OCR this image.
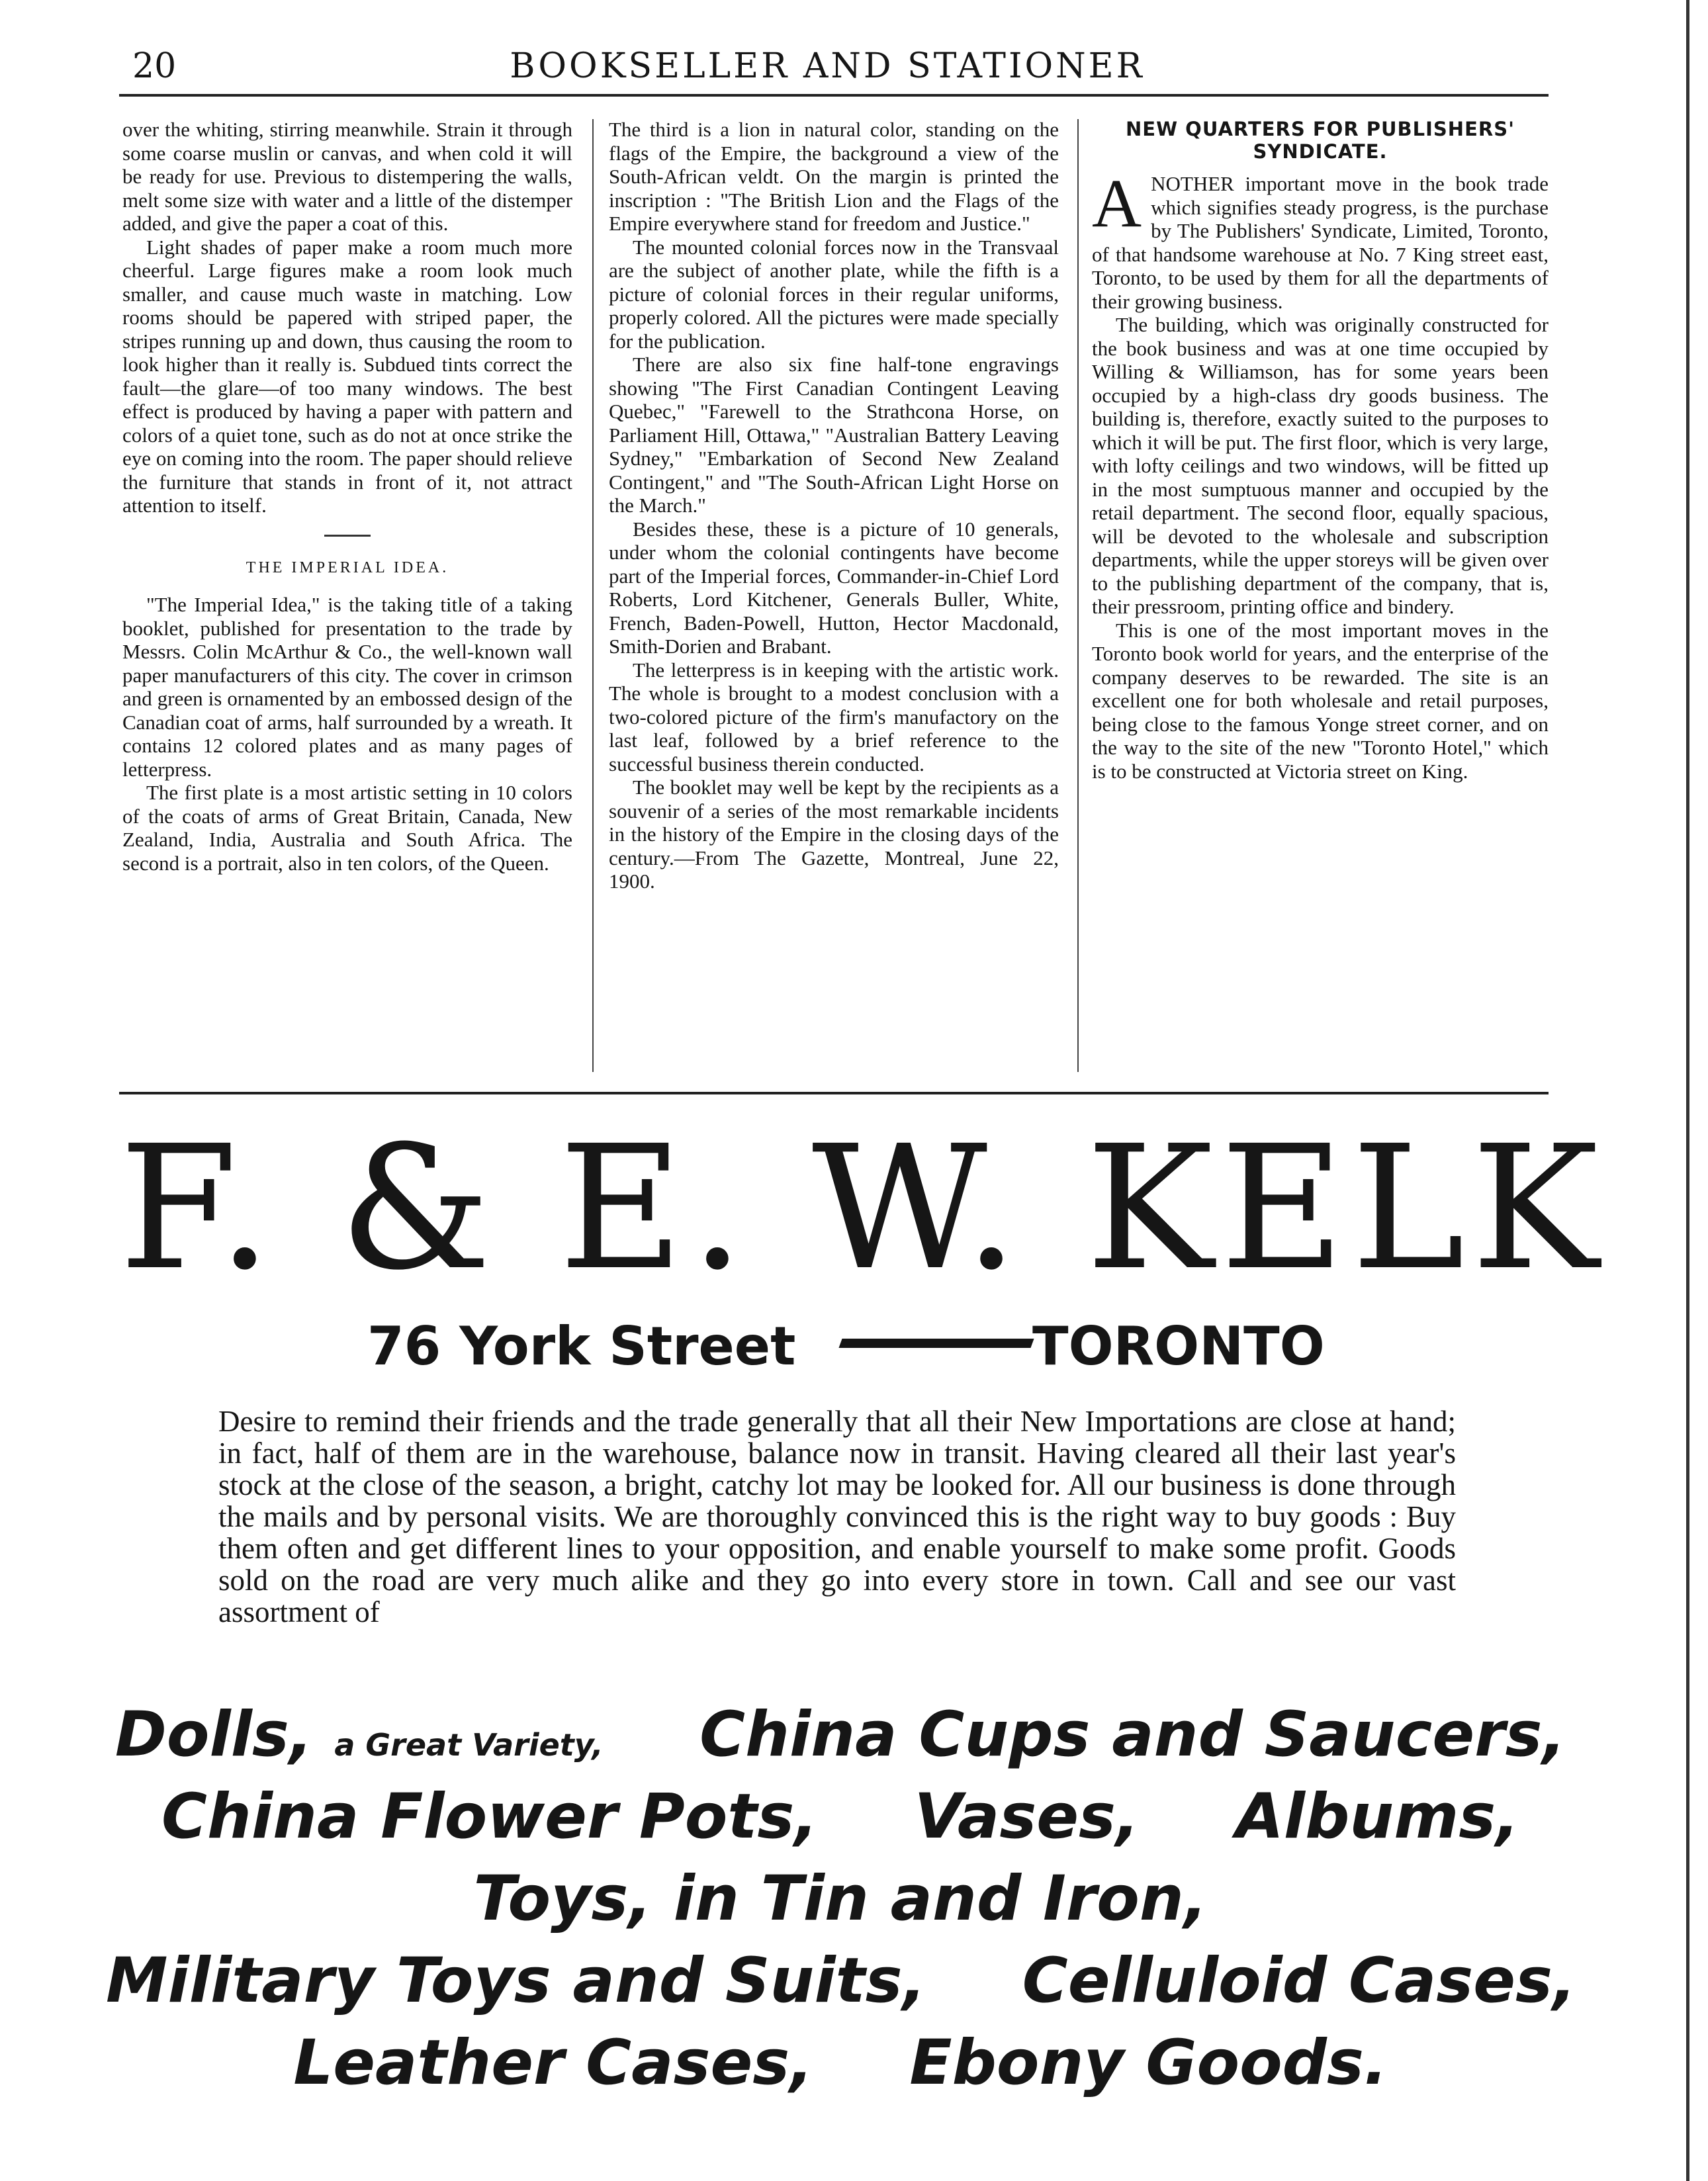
20	BOOKSELLER AND STATIONER

over the whiting, stirring meanwhile. Strain it through some coarse muslin or canvas, and when cold it will be ready for use. Previous to distempering the walls, melt some size with water and a little of the distemper added, and give the paper a coat of this.

Light shades of paper make a room much more cheerful. Large figures make a room look much smaller, and cause much waste in matching. Low rooms should be papered with striped paper, the stripes running up and down, thus causing the room to look higher than it really is. Subdued tints correct the fault—the glare—of too many windows. The best effect is produced by having a paper with pattern and colors of a quiet tone, such as do not at once strike the eye on coming into the room. The paper should relieve the furniture that stands in front of it, not attract attention to itself.

THE IMPERIAL IDEA.

"The Imperial Idea," is the taking title of a taking booklet, published for presentation to the trade by Messrs. Colin McArthur & Co., the well-known wall paper manufacturers of this city. The cover in crimson and green is ornamented by an embossed design of the Canadian coat of arms, half surrounded by a wreath. It contains 12 colored plates and as many pages of letterpress.

The first plate is a most artistic setting in 10 colors of the coats of arms of Great Britain, Canada, New Zealand, India, Australia and South Africa. The second is a portrait, also in ten colors, of the Queen.

The third is a lion in natural color, standing on the flags of the Empire, the background a view of the South-African veldt. On the margin is printed the inscription : "The British Lion and the Flags of the Empire everywhere stand for freedom and Justice."

The mounted colonial forces now in the Transvaal are the subject of another plate, while the fifth is a picture of colonial forces in their regular uniforms, properly colored. All the pictures were made specially for the publication.

There are also six fine half-tone engravings showing "The First Canadian Contingent Leaving Quebec," "Farewell to the Strathcona Horse, on Parliament Hill, Ottawa," "Australian Battery Leaving Sydney," "Embarkation of Second New Zealand Contingent," and "The South-African Light Horse on the March."

Besides these, these is a picture of 10 generals, under whom the colonial contingents have become part of the Imperial forces, Commander-in-Chief Lord Roberts, Lord Kitchener, Generals Buller, White, French, Baden-Powell, Hutton, Hector Macdonald, Smith-Dorien and Brabant.

The letterpress is in keeping with the artistic work. The whole is brought to a modest conclusion with a two-colored picture of the firm's manufactory on the last leaf, followed by a brief reference to the successful business therein conducted.

The booklet may well be kept by the recipients as a souvenir of a series of the most remarkable incidents in the history of the Empire in the closing days of the century.—From The Gazette, Montreal, June 22, 1900.

NEW QUARTERS FOR PUBLISHERS' SYNDICATE.

ANOTHER important move in the book trade which signifies steady progress, is the purchase by The Publishers' Syndicate, Limited, Toronto, of that handsome warehouse at No. 7 King street east, Toronto, to be used by them for all the departments of their growing business.

The building, which was originally constructed for the book business and was at one time occupied by Willing & Williamson, has for some years been occupied by a high-class dry goods business. The building is, therefore, exactly suited to the purposes to which it will be put. The first floor, which is very large, with lofty ceilings and two windows, will be fitted up in the most sumptuous manner and occupied by the retail department. The second floor, equally spacious, will be devoted to the wholesale and subscription departments, while the upper storeys will be given over to the publishing department of the company, that is, their pressroom, printing office and bindery.

This is one of the most important moves in the Toronto book world for years, and the enterprise of the company deserves to be rewarded. The site is an excellent one for both wholesale and retail purposes, being close to the famous Yonge street corner, and on the way to the site of the new "Toronto Hotel," which is to be constructed at Victoria street on King.

F. & E. W. KELK
76 York Street	TORONTO
Desire to remind their friends and the trade generally that all their New Importations are close at hand; in fact, half of them are in the warehouse, balance now in transit. Having cleared all their last year's stock at the close of the season, a bright, catchy lot may be looked for. All our business is done through the mails and by personal visits. We are thoroughly convinced this is the right way to buy goods : Buy them often and get different lines to your opposition, and enable yourself to make some profit. Goods sold on the road are very much alike and they go into every store in town. Call and see our vast assortment of
Dolls, a Great Variety, China Cups and Saucers,
China Flower Pots, Vases, Albums,
Toys, in Tin and Iron,
Military Toys and Suits, Celluloid Cases,
Leather Cases, Ebony Goods.
